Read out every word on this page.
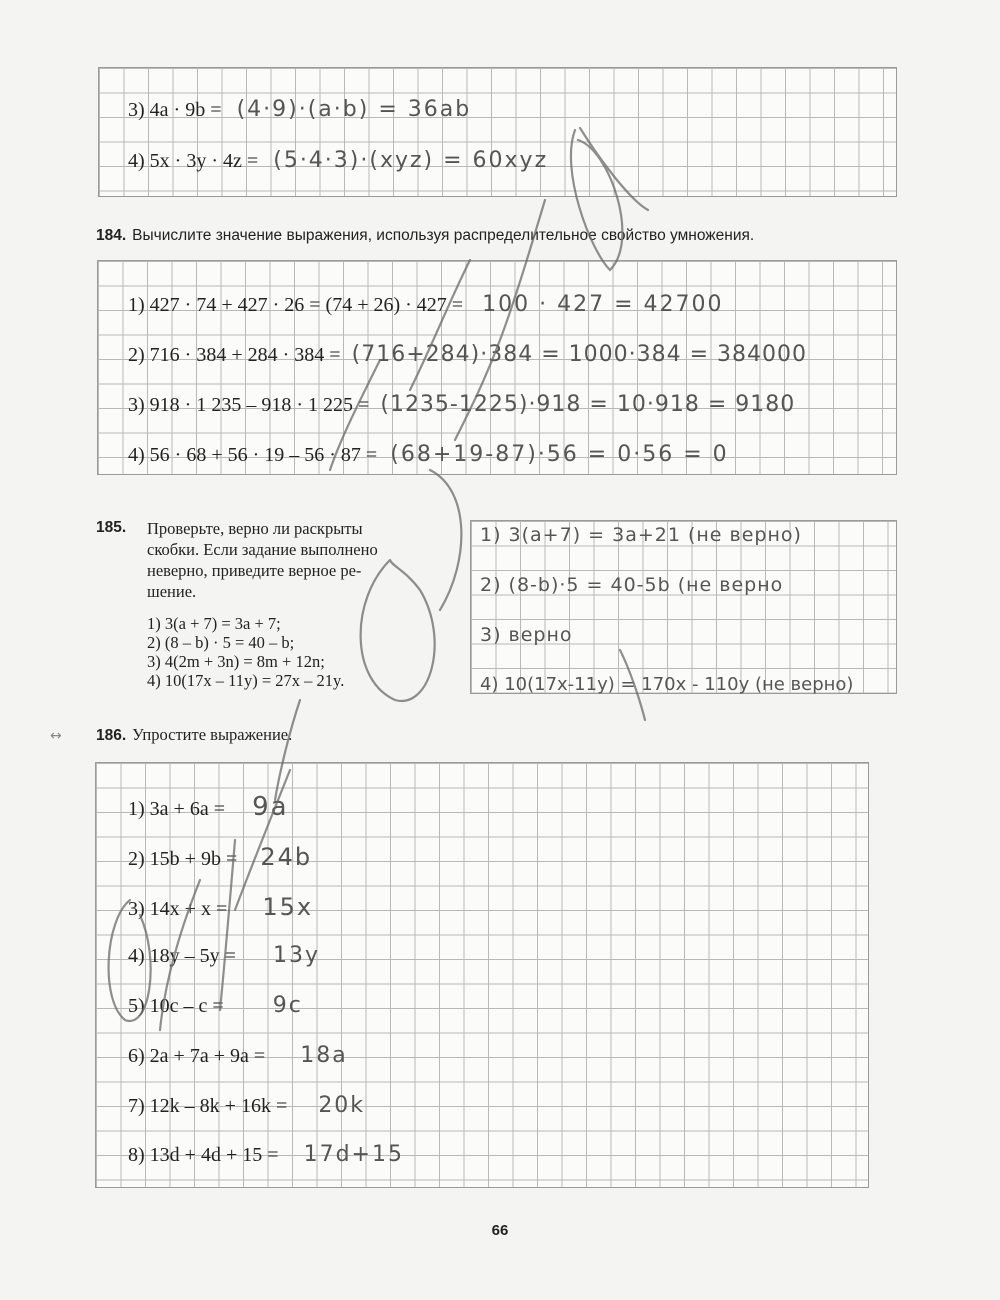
3) 4a · 9b = (4·9)·(a·b) = 36ab
4) 5x · 3y · 4z = (5·4·3)·(xyz) = 60xyz
184. Вычислите значение выражения, используя распределительное свойство умножения.
1) 427 · 74 + 427 · 26 = (74 + 26) · 427 = 100 · 427 = 42700
2) 716 · 384 + 284 · 384 = (716+284)·384 = 1000·384 = 384000
3) 918 · 1 235 – 918 · 1 225 = (1235-1225)·918 = 10·918 = 9180
4) 56 · 68 + 56 · 19 – 56 · 87 = (68+19-87)·56 = 0·56 = 0
185.	Проверьте, верно ли раскрыты
скобки. Если задание выполнено
неверно, приведите верное ре-
шение.
1) 3(a + 7) = 3a + 7;
2) (8 – b) · 5 = 40 – b;
3) 4(2m + 3n) = 8m + 12n;
4) 10(17x – 11y) = 27x – 21y.
1) 3(a+7) = 3a+21 (не верно)
2) (8-b)·5 = 40-5b (не верно
3) верно
4) 10(17x-11y) = 170x - 110y (не верно)
↔ 186. Упростите выражение.
1) 3a + 6a = 9a
2) 15b + 9b = 24b
3) 14x + x = 15x
4) 18y – 5y = 13y
5) 10c – c = 9c
6) 2a + 7a + 9a = 18a
7) 12k – 8k + 16k = 20k
8) 13d + 4d + 15 = 17d+15
66
